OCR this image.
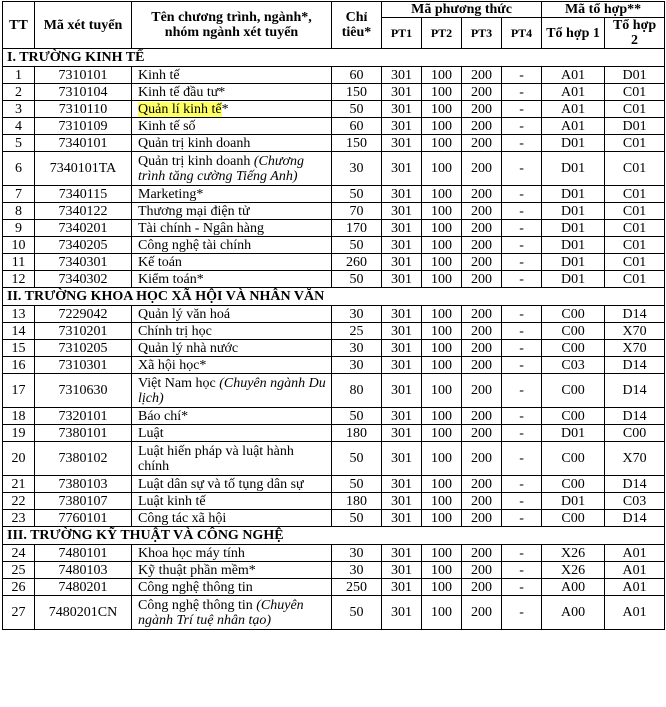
TT	Mã xét tuyển	Tên chương trình, ngành*, nhóm ngành xét tuyển	Chỉ tiêu*	Mã phương thức				Mã tổ hợp**	
				PT1	PT2	PT3	PT4	Tổ hợp 1	Tổ hợp 2
I. TRƯỜNG KINH TẾ									
1	7310101	Kinh tế	60	301	100	200	-	A01	D01
2	7310104	Kinh tế đầu tư*	150	301	100	200	-	A01	C01
3	7310110	Quản lí kinh tế*	50	301	100	200	-	A01	C01
4	7310109	Kinh tế số	60	301	100	200	-	A01	D01
5	7340101	Quản trị kinh doanh	150	301	100	200	-	D01	C01
6	7340101TA	Quản trị kinh doanh (Chương trình tăng cường Tiếng Anh)	30	301	100	200	-	D01	C01
7	7340115	Marketing*	50	301	100	200	-	D01	C01
8	7340122	Thương mại điện tử	70	301	100	200	-	D01	C01
9	7340201	Tài chính - Ngân hàng	170	301	100	200	-	D01	C01
10	7340205	Công nghệ tài chính	50	301	100	200	-	D01	C01
11	7340301	Kế toán	260	301	100	200	-	D01	C01
12	7340302	Kiểm toán*	50	301	100	200	-	D01	C01
II. TRƯỜNG KHOA HỌC XÃ HỘI VÀ NHÂN VĂN									
13	7229042	Quản lý văn hoá	30	301	100	200	-	C00	D14
14	7310201	Chính trị học	25	301	100	200	-	C00	X70
15	7310205	Quản lý nhà nước	30	301	100	200	-	C00	X70
16	7310301	Xã hội học*	30	301	100	200	-	C03	D14
17	7310630	Việt Nam học (Chuyên ngành Du lịch)	80	301	100	200	-	C00	D14
18	7320101	Báo chí*	50	301	100	200	-	C00	D14
19	7380101	Luật	180	301	100	200	-	D01	C00
20	7380102	Luật hiến pháp và luật hành chính	50	301	100	200	-	C00	X70
21	7380103	Luật dân sự và tố tụng dân sự	50	301	100	200	-	C00	D14
22	7380107	Luật kinh tế	180	301	100	200	-	D01	C03
23	7760101	Công tác xã hội	50	301	100	200	-	C00	D14
III. TRƯỜNG KỸ THUẬT VÀ CÔNG NGHỆ									
24	7480101	Khoa học máy tính	30	301	100	200	-	X26	A01
25	7480103	Kỹ thuật phần mềm*	30	301	100	200	-	X26	A01
26	7480201	Công nghệ thông tin	250	301	100	200	-	A00	A01
27	7480201CN	Công nghệ thông tin (Chuyên ngành Trí tuệ nhân tạo)	50	301	100	200	-	A00	A01
